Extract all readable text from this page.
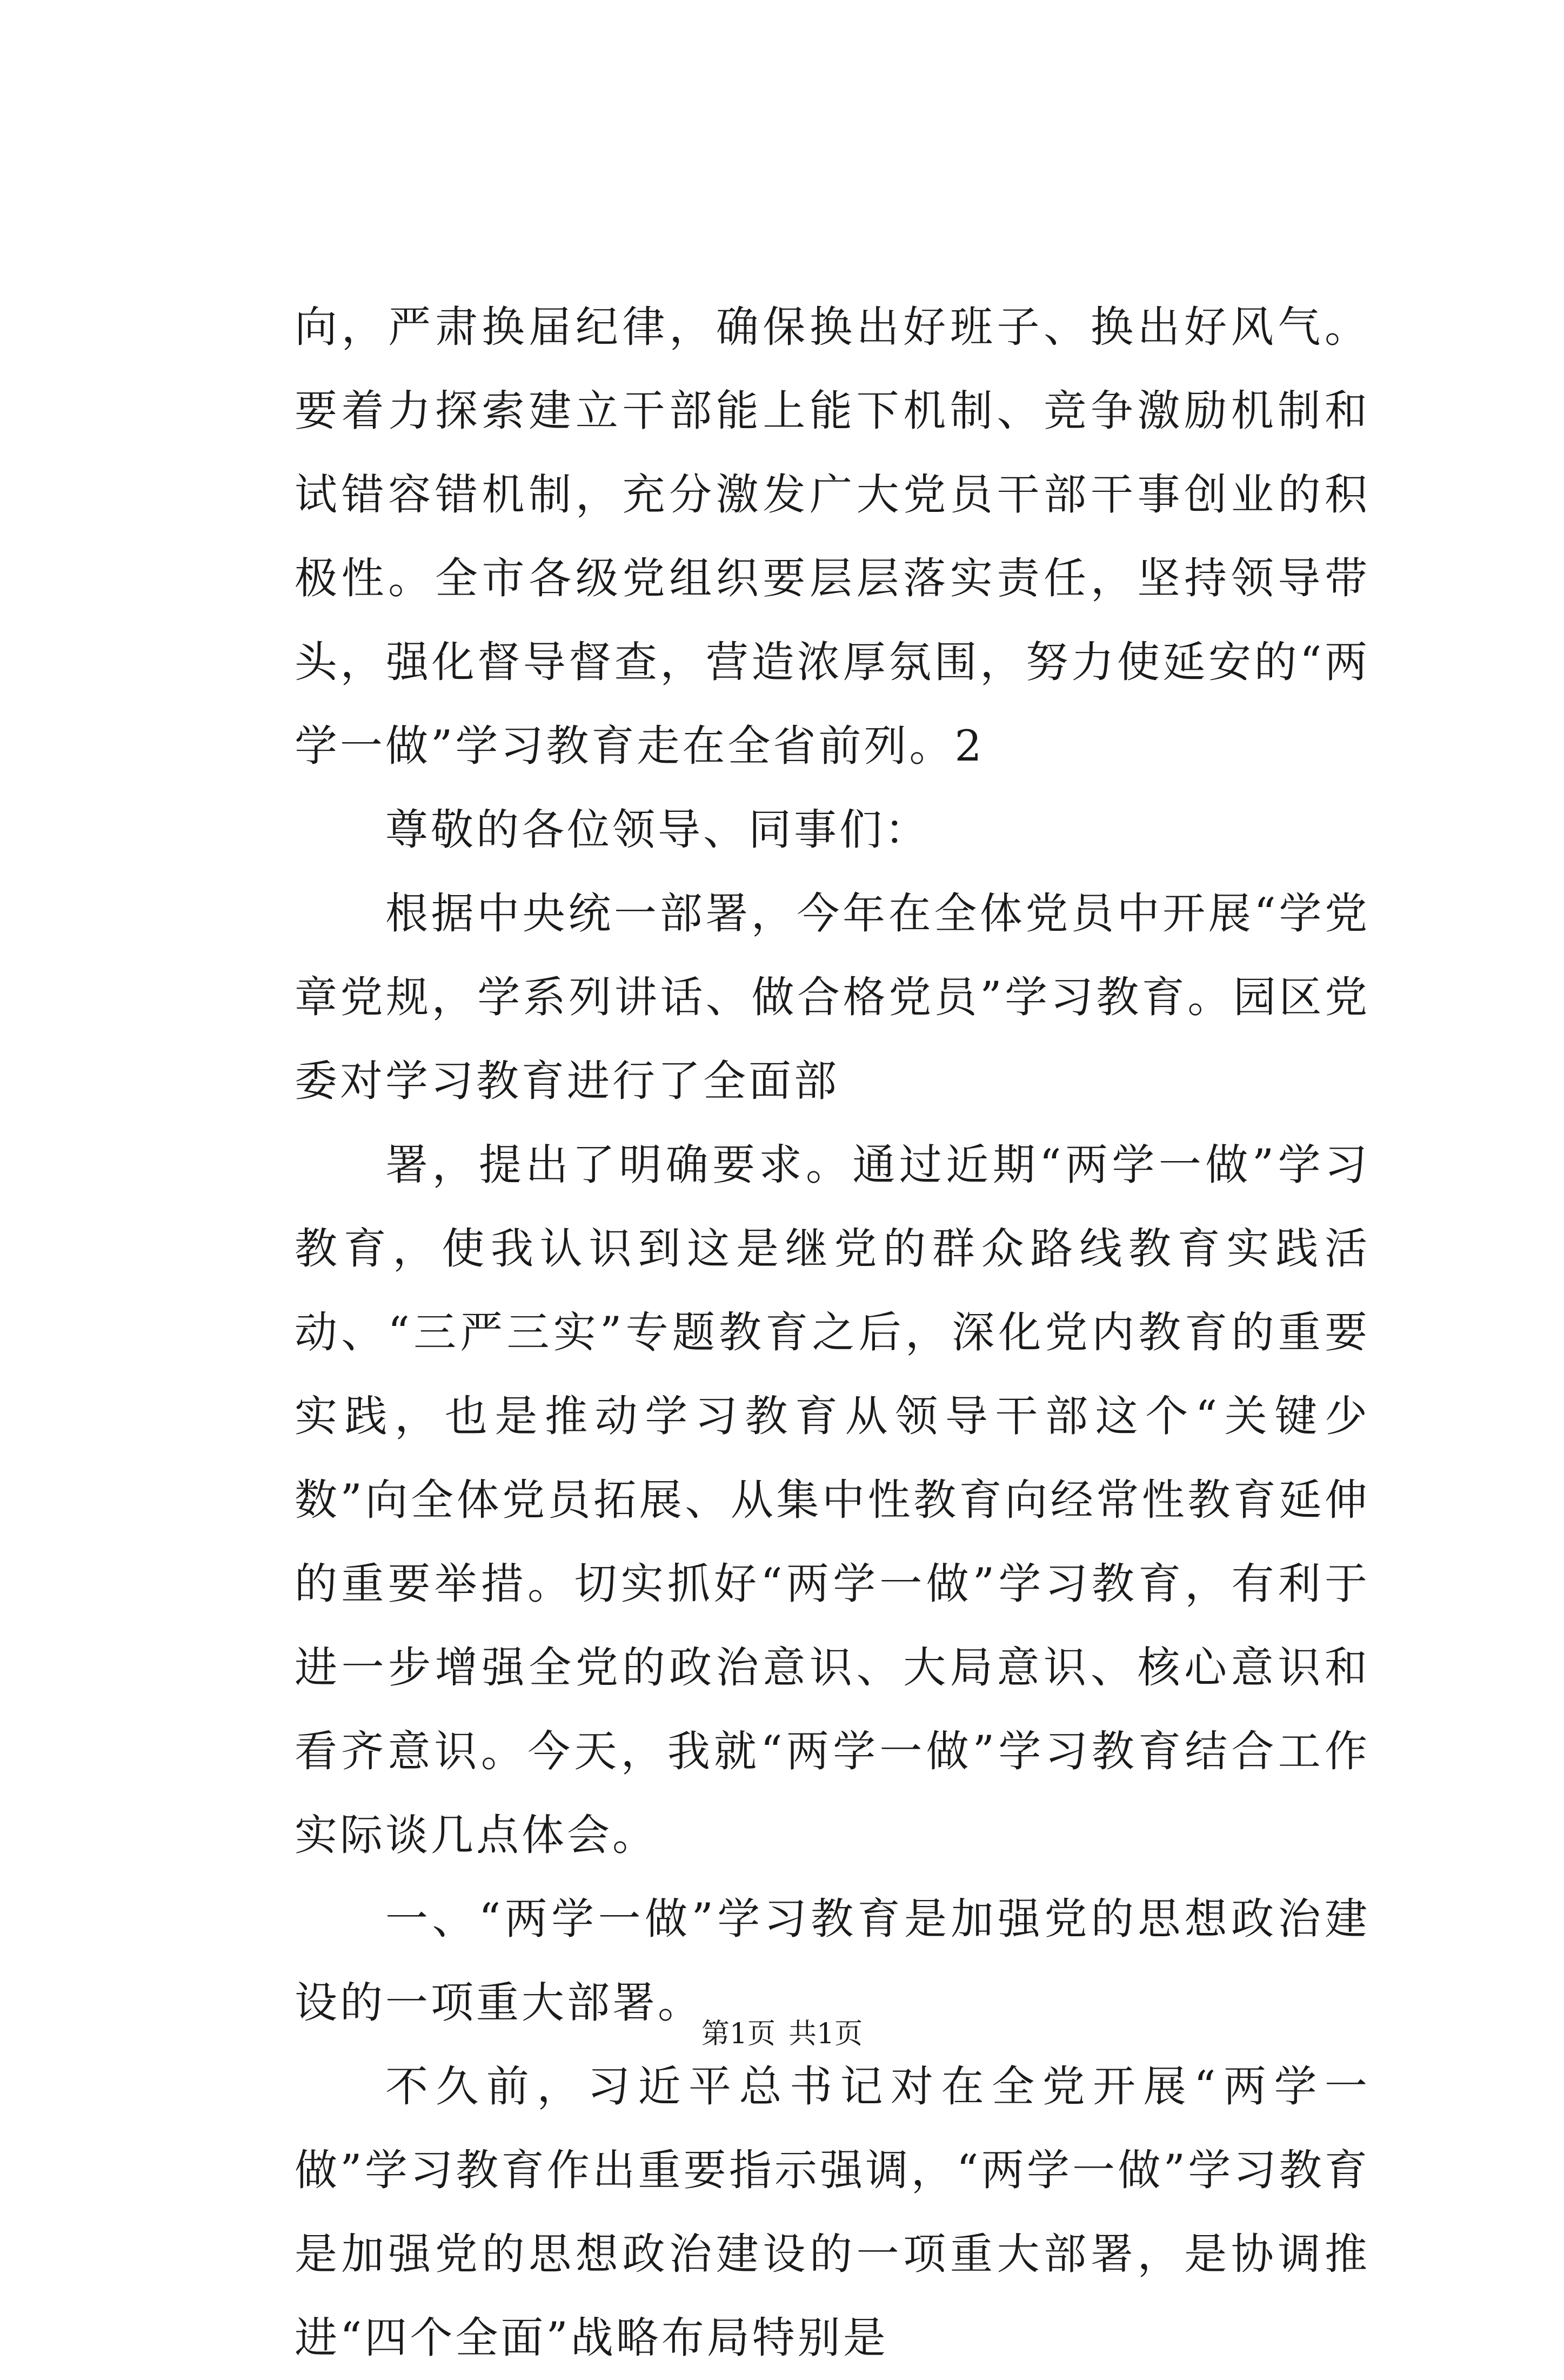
向，严肃换届纪律，确保换出好班子、换出好风气。要着力探索建立干部能上能下机制、竞争激励机制和试错容错机制，充分激发广大党员干部干事创业的积极性。全市各级党组织要层层落实责任，坚持领导带头，强化督导督查，营造浓厚氛围，努力使延安的“两学一做”学习教育走在全省前列。2

尊敬的各位领导、同事们：

根据中央统一部署，今年在全体党员中开展“学党章党规，学系列讲话、做合格党员”学习教育。园区党委对学习教育进行了全面部

署，提出了明确要求。通过近期“两学一做”学习教育，使我认识到这是继党的群众路线教育实践活动、“三严三实”专题教育之后，深化党内教育的重要实践，也是推动学习教育从领导干部这个“关键少数”向全体党员拓展、从集中性教育向经常性教育延伸的重要举措。切实抓好“两学一做”学习教育，有利于进一步增强全党的政治意识、大局意识、核心意识和看齐意识。今天，我就“两学一做”学习教育结合工作实际谈几点体会。

一、“两学一做”学习教育是加强党的思想政治建设的一项重大部署。

不久前，习近平总书记对在全党开展“两学一做”学习教育作出重要指示强调，“两学一做”学习教育是加强党的思想政治建设的一项重大部署，是协调推进“四个全面”战略布局特别是

第1页 共1页
